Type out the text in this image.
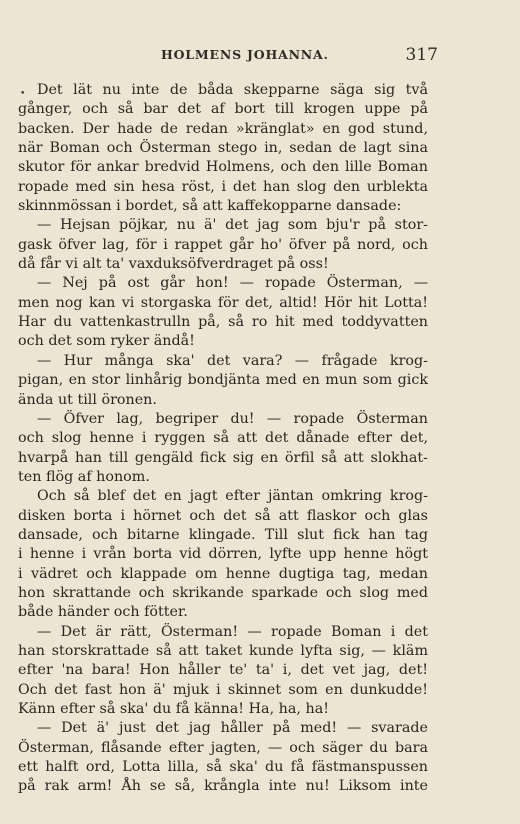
HOLMENS JOHANNA.	317
• Det lät nu inte de båda skepparne säga sig två
gånger, och så bar det af bort till krogen uppe på
backen. Der hade de redan »kränglat» en god stund,
när Boman och Österman stego in, sedan de lagt sina
skutor för ankar bredvid Holmens, och den lille Boman
ropade med sin hesa röst, i det han slog den urblekta
skinnmössan i bordet, så att kaffekopparne dansade:
— Hejsan pöjkar, nu ä' det jag som bju'r på stor-
gask öfver lag, för i rappet går ho' öfver på nord, och
då får vi alt ta' vaxduksöfverdraget på oss!
— Nej på ost går hon! — ropade Österman, —
men nog kan vi storgaska för det, altid! Hör hit Lotta!
Har du vattenkastrulln på, så ro hit med toddyvatten
och det som ryker ändå!
— Hur många ska' det vara? — frågade krog-
pigan, en stor linhårig bondjänta med en mun som gick
ända ut till öronen.
— Öfver lag, begriper du! — ropade Österman
och slog henne i ryggen så att det dånade efter det,
hvarpå han till gengäld fick sig en örfil så att slokhat-
ten flög af honom.
Och så blef det en jagt efter jäntan omkring krog-
disken borta i hörnet och det så att flaskor och glas
dansade, och bitarne klingade. Till slut fick han tag
i henne i vrån borta vid dörren, lyfte upp henne högt
i vädret och klappade om henne dugtiga tag, medan
hon skrattande och skrikande sparkade och slog med
både händer och fötter.
— Det är rätt, Österman! — ropade Boman i det
han storskrattade så att taket kunde lyfta sig, — kläm
efter 'na bara! Hon håller te' ta' i, det vet jag, det!
Och det fast hon ä' mjuk i skinnet som en dunkudde!
Känn efter så ska' du få känna! Ha, ha, ha!
— Det ä' just det jag håller på med! — svarade
Österman, flåsande efter jagten, — och säger du bara
ett halft ord, Lotta lilla, så ska' du få fästmanspussen
på rak arm! Åh se så, krångla inte nu! Liksom inte
